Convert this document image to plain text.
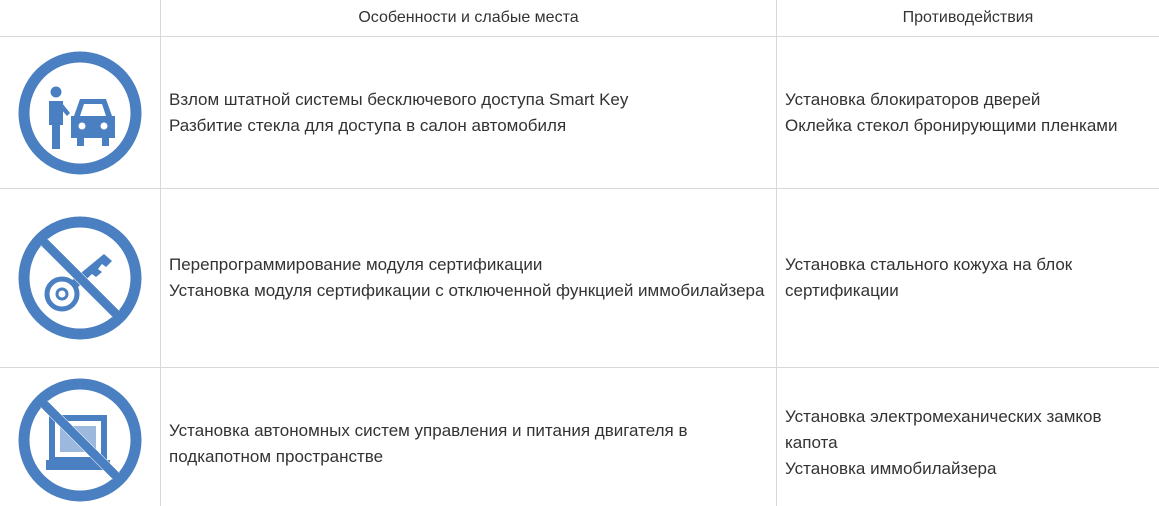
Особенности и слабые места	Противодействия
Взлом штатной системы бесключевого доступа Smart Key
Разбитие стекла для доступа в салон автомобиля
Установка блокираторов дверей
Оклейка стекол бронирующими пленками
Перепрограммирование модуля сертификации
Установка модуля сертификации с отключенной функцией иммобилайзера
Установка стального кожуха на блок сертификации
Установка автономных систем управления и питания двигателя в подкапотном пространстве
Установка электромеханических замков капота
Установка иммобилайзера
